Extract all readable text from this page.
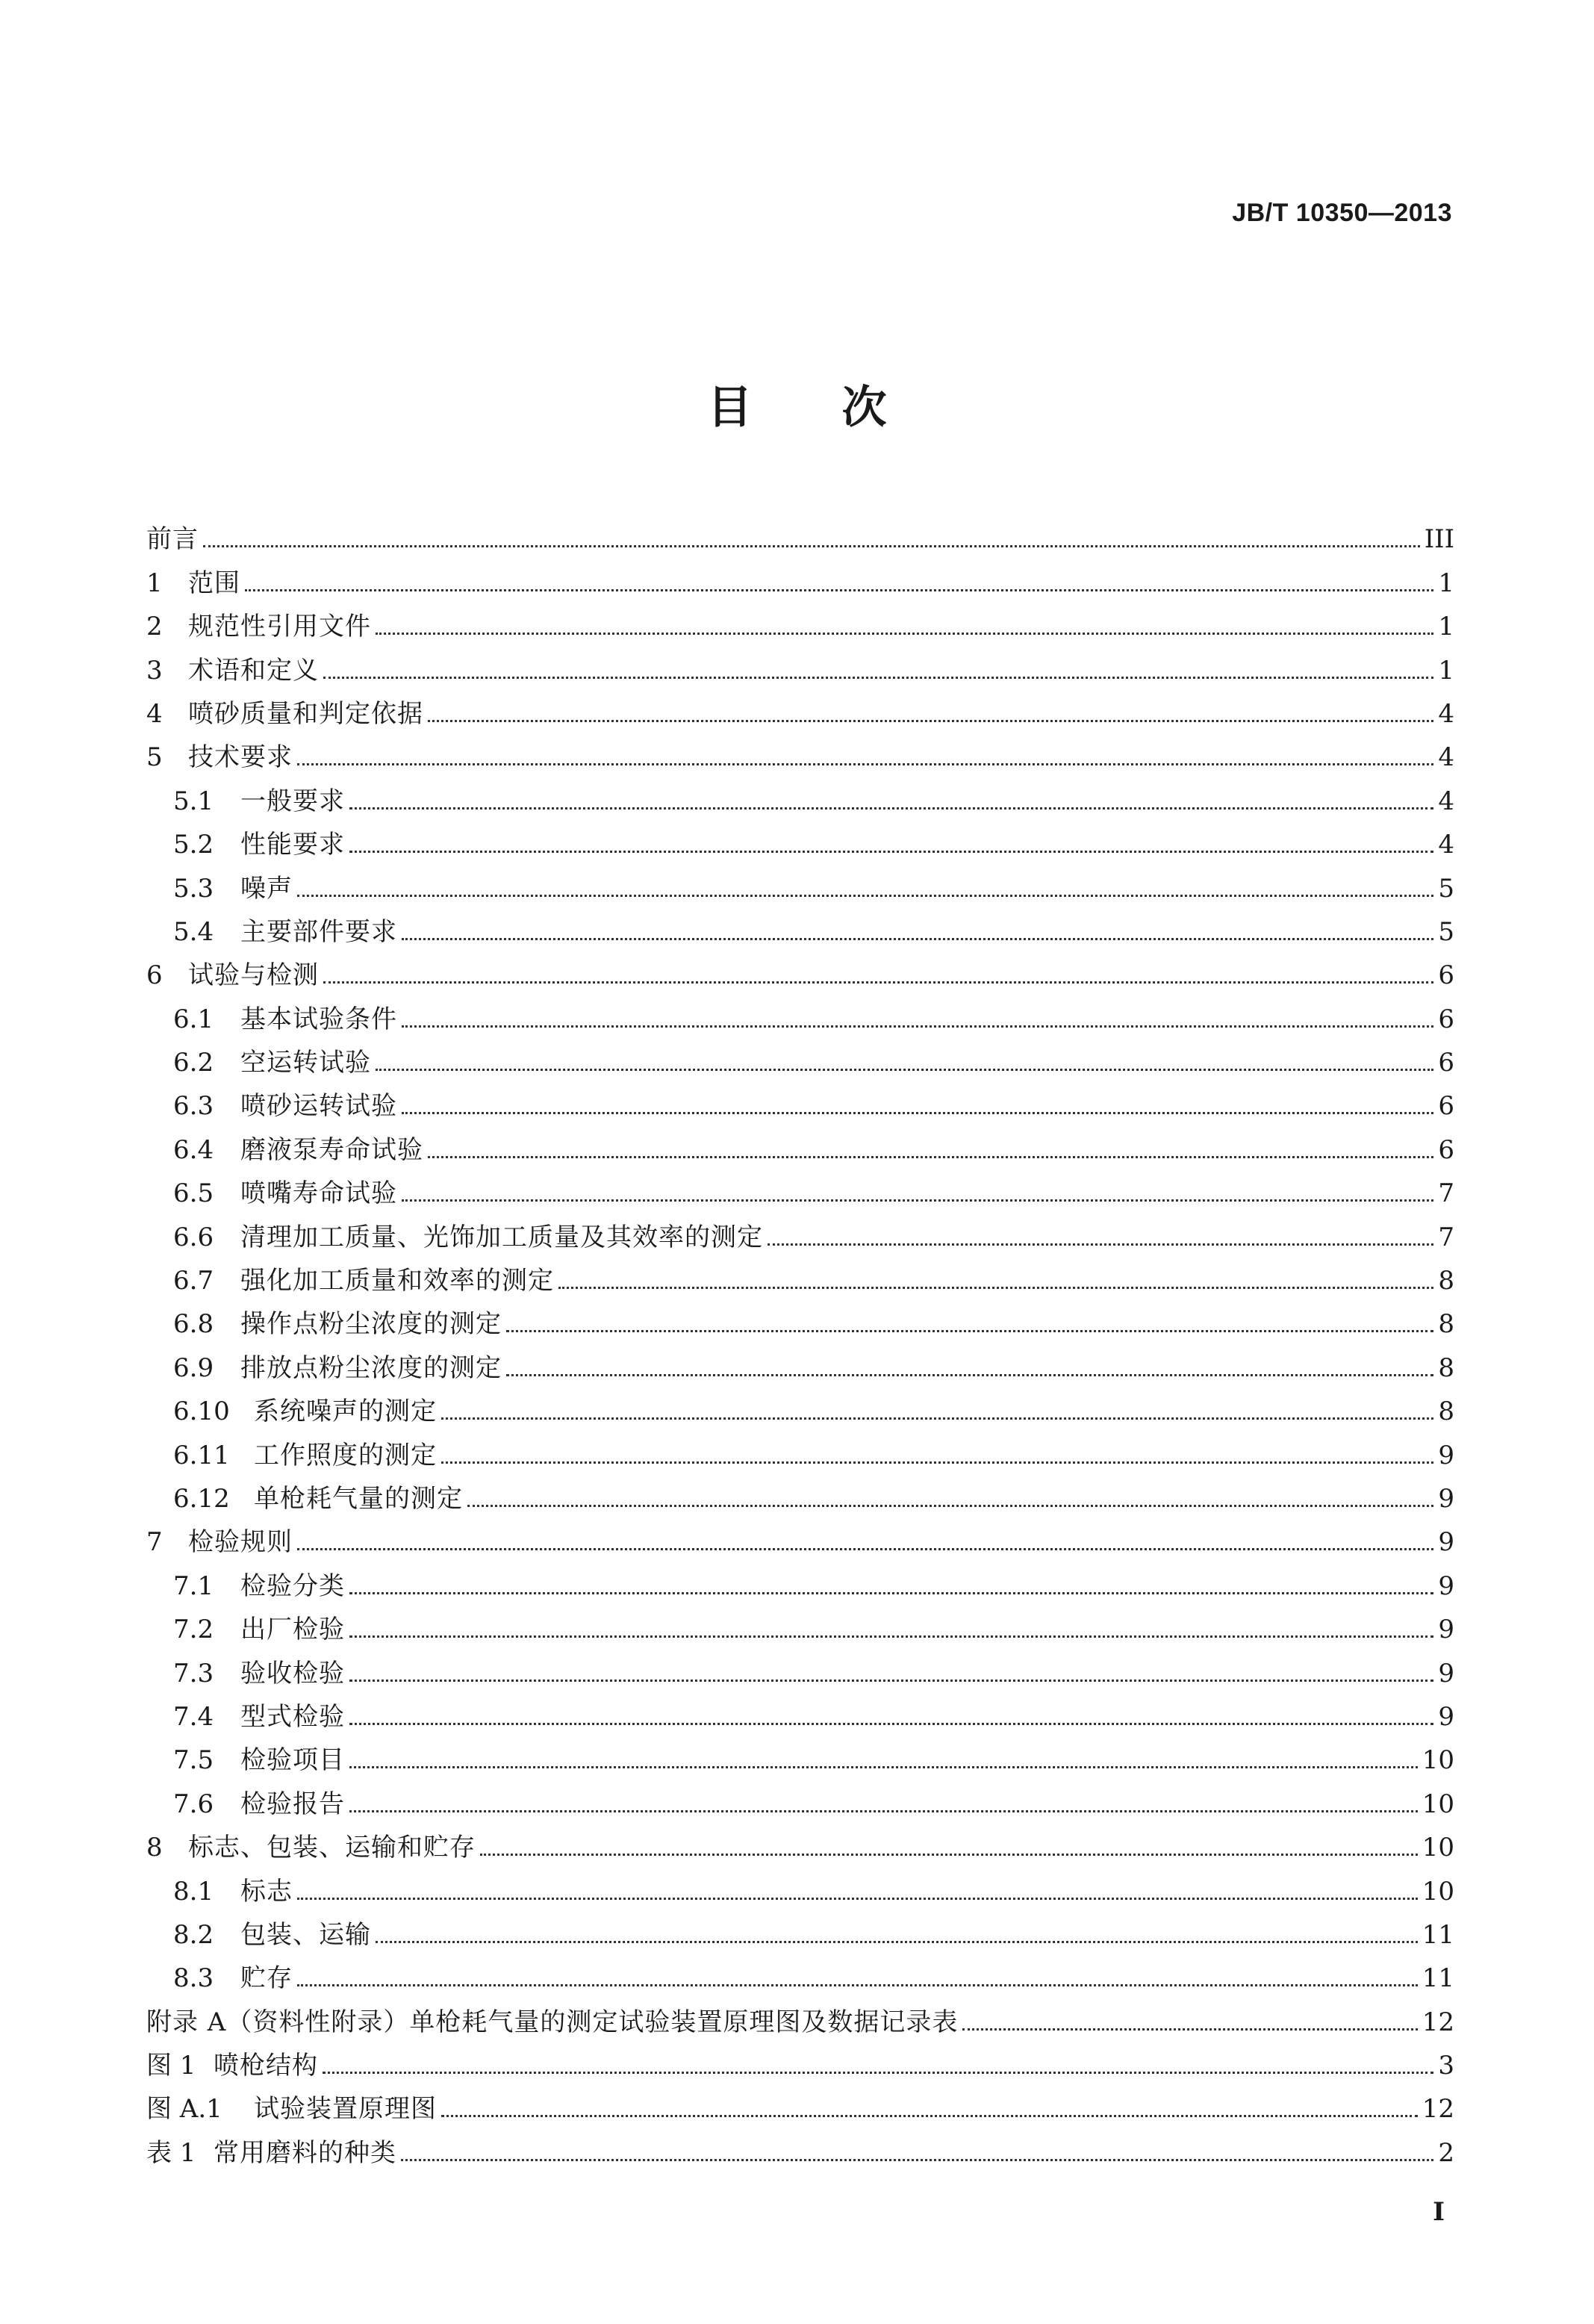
JB/T 10350—2013
目 次
前言	III
1	范围	1
2	规范性引用文件	1
3	术语和定义	1
4	喷砂质量和判定依据	4
5	技术要求	4
5.1	一般要求	4
5.2	性能要求	4
5.3	噪声	5
5.4	主要部件要求	5
6	试验与检测	6
6.1	基本试验条件	6
6.2	空运转试验	6
6.3	喷砂运转试验	6
6.4	磨液泵寿命试验	6
6.5	喷嘴寿命试验	7
6.6	清理加工质量、光饰加工质量及其效率的测定	7
6.7	强化加工质量和效率的测定	8
6.8	操作点粉尘浓度的测定	8
6.9	排放点粉尘浓度的测定	8
6.10 系统噪声的测定	8
6.11 工作照度的测定	9
6.12 单枪耗气量的测定	9
7	检验规则	9
7.1	检验分类	9
7.2	出厂检验	9
7.3	验收检验	9
7.4	型式检验	9
7.5	检验项目	10
7.6	检验报告	10
8	标志、包装、运输和贮存	10
8.1	标志	10
8.2	包装、运输	11
8.3	贮存	11
附录 A（资料性附录）单枪耗气量的测定试验装置原理图及数据记录表	12
图 1 喷枪结构	3
图 A.1	试验装置原理图	12
表 1 常用磨料的种类	2
I
